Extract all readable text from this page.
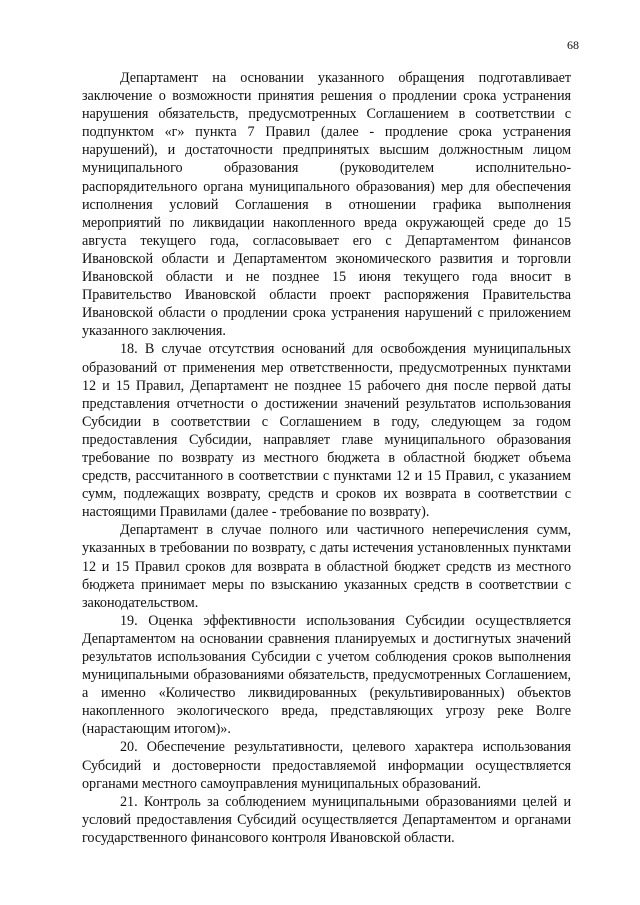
68

Департамент на основании указанного обращения подготавливает заключение о возможности принятия решения о продлении срока устранения нарушения обязательств, предусмотренных Соглашением в соответствии с подпунктом «г» пункта 7 Правил (далее - продление срока устранения нарушений), и достаточности предпринятых высшим должностным лицом муниципального образования (руководителем исполнительно-распорядительного органа муниципального образования) мер для обеспечения исполнения условий Соглашения в отношении графика выполнения мероприятий по ликвидации накопленного вреда окружающей среде до 15 августа текущего года, согласовывает его с Департаментом финансов Ивановской области и Департаментом экономического развития и торговли Ивановской области и не позднее 15 июня текущего года вносит в Правительство Ивановской области проект распоряжения Правительства Ивановской области о продлении срока устранения нарушений с приложением указанного заключения.

18. В случае отсутствия оснований для освобождения муниципальных образований от применения мер ответственности, предусмотренных пунктами 12 и 15 Правил, Департамент не позднее 15 рабочего дня после первой даты представления отчетности о достижении значений результатов использования Субсидии в соответствии с Соглашением в году, следующем за годом предоставления Субсидии, направляет главе муниципального образования требование по возврату из местного бюджета в областной бюджет объема средств, рассчитанного в соответствии с пунктами 12 и 15 Правил, с указанием сумм, подлежащих возврату, средств и сроков их возврата в соответствии с настоящими Правилами (далее - требование по возврату).

Департамент в случае полного или частичного неперечисления сумм, указанных в требовании по возврату, с даты истечения установленных пунктами 12 и 15 Правил сроков для возврата в областной бюджет средств из местного бюджета принимает меры по взысканию указанных средств в соответствии с законодательством.

19. Оценка эффективности использования Субсидии осуществляется Департаментом на основании сравнения планируемых и достигнутых значений результатов использования Субсидии с учетом соблюдения сроков выполнения муниципальными образованиями обязательств, предусмотренных Соглашением, а именно «Количество ликвидированных (рекультивированных) объектов накопленного экологического вреда, представляющих угрозу реке Волге (нарастающим итогом)».

20. Обеспечение результативности, целевого характера использования Субсидий и достоверности предоставляемой информации осуществляется органами местного самоуправления муниципальных образований.

21. Контроль за соблюдением муниципальными образованиями целей и условий предоставления Субсидий осуществляется Департаментом и органами государственного финансового контроля Ивановской области.
